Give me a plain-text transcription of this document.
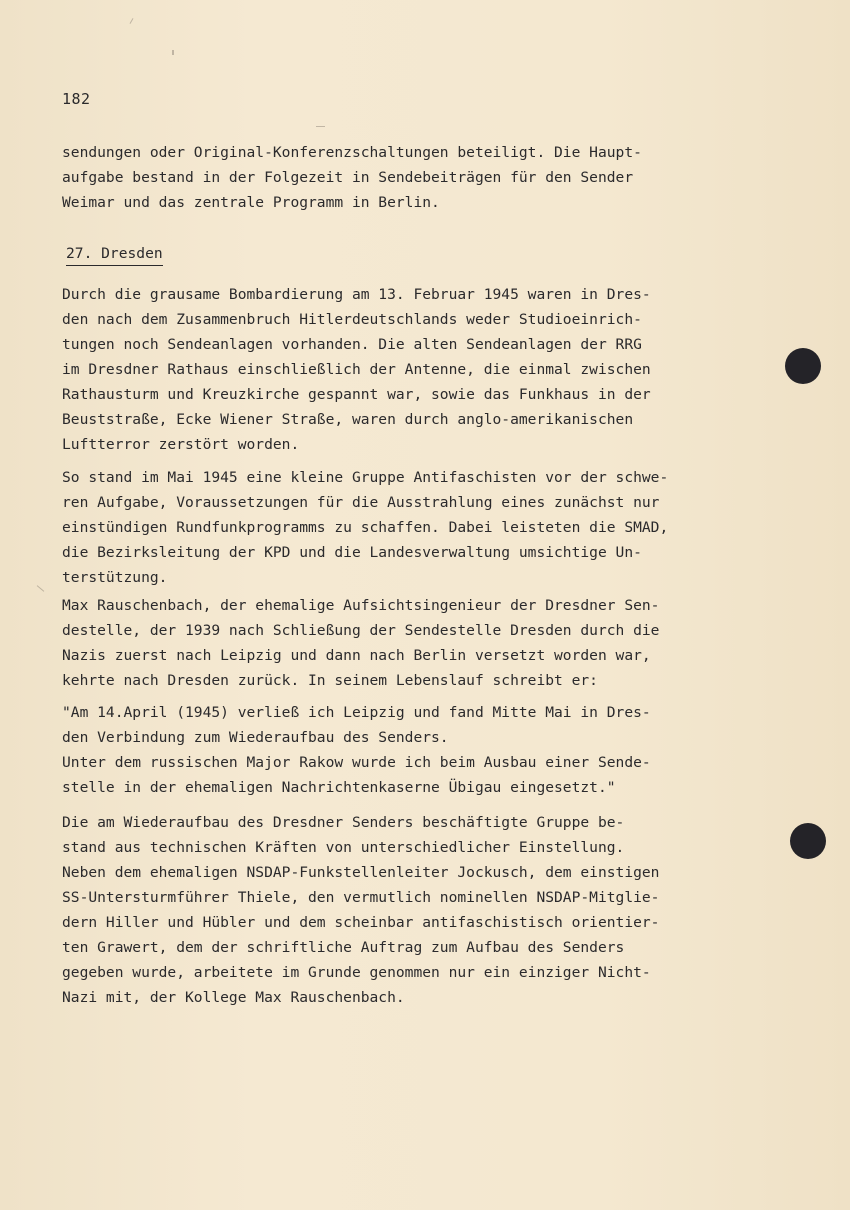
182

sendungen oder Original-Konferenzschaltungen beteiligt. Die Haupt-
aufgabe bestand in der Folgezeit in Sendebeiträgen für den Sender
Weimar und das zentrale Programm in Berlin.

27. Dresden

Durch die grausame Bombardierung am 13. Februar 1945 waren in Dres-
den nach dem Zusammenbruch Hitlerdeutschlands weder Studioeinrich-
tungen noch Sendeanlagen vorhanden. Die alten Sendeanlagen der RRG
im Dresdner Rathaus einschließlich der Antenne, die einmal zwischen
Rathausturm und Kreuzkirche gespannt war, sowie das Funkhaus in der
Beuststraße, Ecke Wiener Straße, waren durch anglo-amerikanischen
Luftterror zerstört worden.

So stand im Mai 1945 eine kleine Gruppe Antifaschisten vor der schwe-
ren Aufgabe, Voraussetzungen für die Ausstrahlung eines zunächst nur
einstündigen Rundfunkprogramms zu schaffen. Dabei leisteten die SMAD,
die Bezirksleitung der KPD und die Landesverwaltung umsichtige Un-
terstützung.

Max Rauschenbach, der ehemalige Aufsichtsingenieur der Dresdner Sen-
destelle, der 1939 nach Schließung der Sendestelle Dresden durch die
Nazis zuerst nach Leipzig und dann nach Berlin versetzt worden war,
kehrte nach Dresden zurück. In seinem Lebenslauf schreibt er:

"Am 14.April (1945) verließ ich Leipzig und fand Mitte Mai in Dres-
den Verbindung zum Wiederaufbau des Senders.
Unter dem russischen Major Rakow wurde ich beim Ausbau einer Sende-
stelle in der ehemaligen Nachrichtenkaserne Übigau eingesetzt."

Die am Wiederaufbau des Dresdner Senders beschäftigte Gruppe be-
stand aus technischen Kräften von unterschiedlicher Einstellung.
Neben dem ehemaligen NSDAP-Funkstellenleiter Jockusch, dem einstigen
SS-Untersturmführer Thiele, den vermutlich nominellen NSDAP-Mitglie-
dern Hiller und Hübler und dem scheinbar antifaschistisch orientier-
ten Grawert, dem der schriftliche Auftrag zum Aufbau des Senders
gegeben wurde, arbeitete im Grunde genommen nur ein einziger Nicht-
Nazi mit, der Kollege Max Rauschenbach.
